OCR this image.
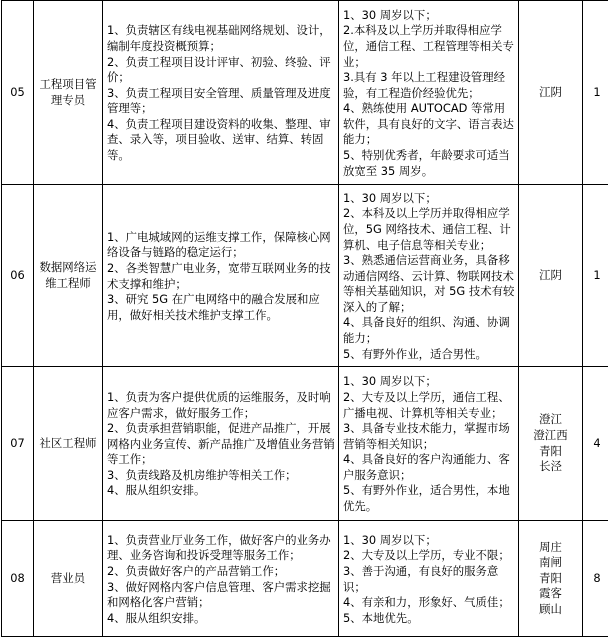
05	工程项目管理专员	1、负责辖区有线电视基础网络规划、设计，编制年度投资概预算；
2、负责工程项目设计评审、初验、终验、评价；
3、负责工程项目安全管理、质量管理及进度管理等；
4、负责工程项目建设资料的收集、整理、审查、录入等，项目验收、送审、结算、转固等。	1、30 周岁以下；
2.本科及以上学历并取得相应学位，通信工程、工程管理等相关专业；
3.具有 3 年以上工程建设管理经验，有工程造价经验优先；
4、熟练使用 AUTOCAD 等常用软件，具有良好的文字、语言表达能力；
5、特别优秀者，年龄要求可适当放宽至 35 周岁。	江阴	1
06	数据网络运维工程师	1、广电城域网的运维支撑工作，保障核心网络设备与链路的稳定运行；
2、各类智慧广电业务，宽带互联网业务的技术支撑和维护；
3、研究 5G 在广电网络中的融合发展和应用，做好相关技术维护支撑工作。	1、30 周岁以下；
2、本科及以上学历并取得相应学位，5G 网络技术、通信工程、计算机、电子信息等相关专业；
3、熟悉通信运营商业务，具备移动通信网络、云计算、物联网技术等相关基础知识，对 5G 技术有较深入的了解；
4、具备良好的组织、沟通、协调能力；
5、有野外作业，适合男性。	江阴	1
07	社区工程师	1、负责为客户提供优质的运维服务，及时响应客户需求，做好服务工作；
2、负责承担营销职能，促进产品推广，开展网格内业务宣传、新产品推广及增值业务营销等工作；
3、负责线路及机房维护等相关工作；
4、服从组织安排。	1、30 周岁以下；
2、大专及以上学历，通信工程、广播电视、计算机等相关专业；
3、具备专业技术能力，掌握市场营销等相关知识；
4、具备良好的客户沟通能力、客户服务意识；
5、有野外作业，适合男性，本地优先。	澄江
澄江西
青阳
长泾	4
08	营业员	1、负责营业厅业务工作，做好客户的业务办理、业务咨询和投诉受理等服务工作；
2、负责做好客户的产品营销工作；
3、做好网格内客户信息管理、客户需求挖掘和网格化客户营销；
4、服从组织安排。	1、30 周岁以下；
2、大专及以上学历，专业不限；
3、善于沟通，有良好的服务意识；
4、有亲和力，形象好、气质佳；
5、本地优先。	周庄
南闸
青阳
霞客
顾山	8
